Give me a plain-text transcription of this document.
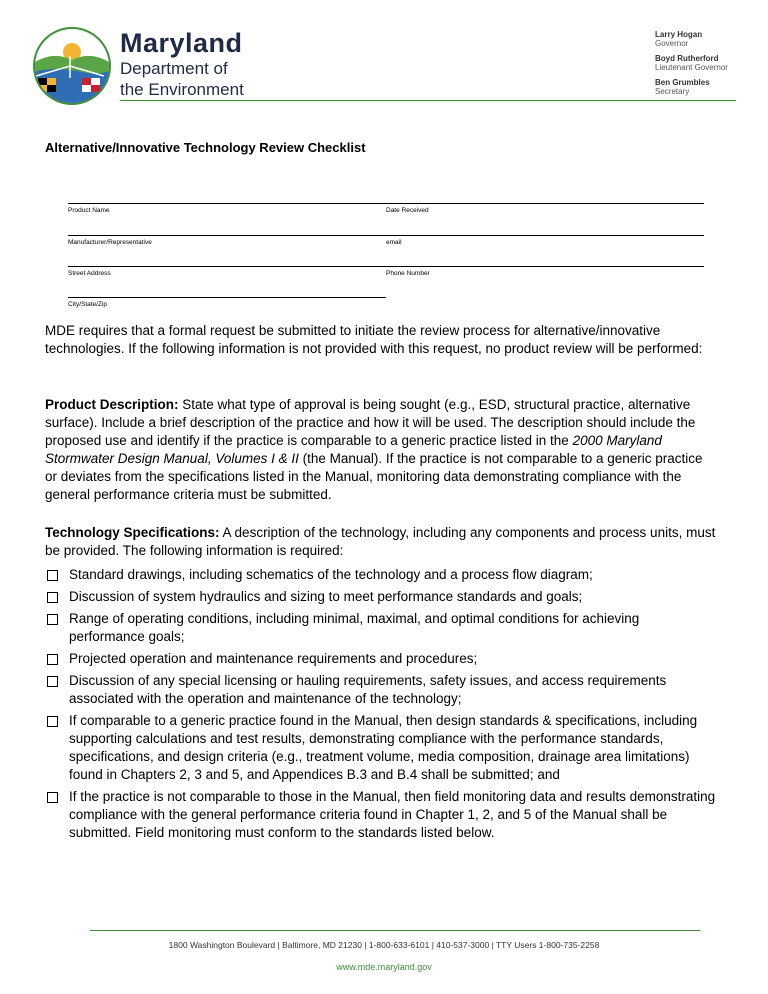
Maryland
Department of
the Environment
Larry Hogan
Governor
Boyd Rutherford
Lieutenant Governor
Ben Grumbles
Secretary
Alternative/Innovative Technology Review Checklist
Product Name	Date Received
Manufacturer/Representative	email
Street Address	Phone Number
City/State/Zip

MDE requires that a formal request be submitted to initiate the review process for alternative/innovative technologies. If the following information is not provided with this request, no product review will be performed:

Product Description: State what type of approval is being sought (e.g., ESD, structural practice, alternative surface). Include a brief description of the practice and how it will be used. The description should include the proposed use and identify if the practice is comparable to a generic practice listed in the 2000 Maryland Stormwater Design Manual, Volumes I & II (the Manual). If the practice is not comparable to a generic practice or deviates from the specifications listed in the Manual, monitoring data demonstrating compliance with the general performance criteria must be submitted.

Technology Specifications: A description of the technology, including any components and process units, must be provided. The following information is required:

Standard drawings, including schematics of the technology and a process flow diagram;
Discussion of system hydraulics and sizing to meet performance standards and goals;
Range of operating conditions, including minimal, maximal, and optimal conditions for achieving performance goals;
Projected operation and maintenance requirements and procedures;
Discussion of any special licensing or hauling requirements, safety issues, and access requirements associated with the operation and maintenance of the technology;
If comparable to a generic practice found in the Manual, then design standards & specifications, including supporting calculations and test results, demonstrating compliance with the performance standards, specifications, and design criteria (e.g., treatment volume, media composition, drainage area limitations) found in Chapters 2, 3 and 5, and Appendices B.3 and B.4 shall be submitted; and
If the practice is not comparable to those in the Manual, then field monitoring data and results demonstrating compliance with the general performance criteria found in Chapter 1, 2, and 5 of the Manual shall be submitted. Field monitoring must conform to the standards listed below.
1800 Washington Boulevard | Baltimore, MD 21230 | 1-800-633-6101 | 410-537-3000 | TTY Users 1-800-735-2258
www.mde.maryland.gov
